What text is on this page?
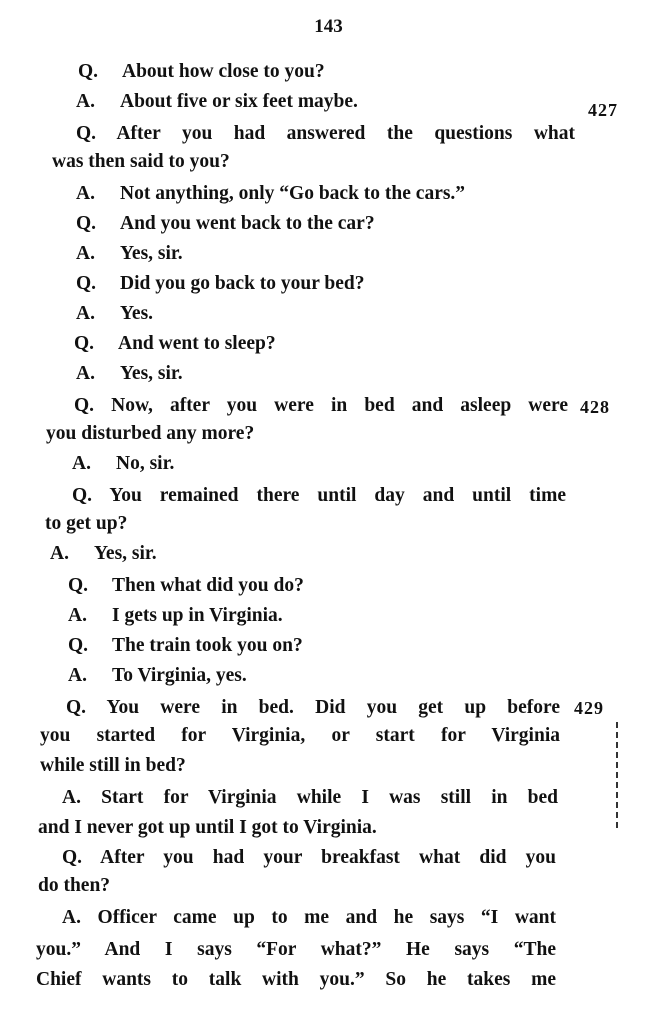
143
Q. About how close to you?
A. About five or six feet maybe.
Q. After you had answered the questions what
was then said to you?
A. Not anything, only “Go back to the cars.”
Q. And you went back to the car?
A. Yes, sir.
Q. Did you go back to your bed?
A. Yes.
Q. And went to sleep?
A. Yes, sir.
Q. Now, after you were in bed and asleep were
you disturbed any more?
A. No, sir.
Q. You remained there until day and until time
to get up?
A. Yes, sir.
Q. Then what did you do?
A. I gets up in Virginia.
Q. The train took you on?
A. To Virginia, yes.
Q. You were in bed. Did you get up before
you started for Virginia, or start for Virginia
while still in bed?
A. Start for Virginia while I was still in bed
and I never got up until I got to Virginia.
Q. After you had your breakfast what did you
do then?
A. Officer came up to me and he says “I want
you.” And I says “For what?” He says “The
Chief wants to talk with you.” So he takes me
427
428
429
